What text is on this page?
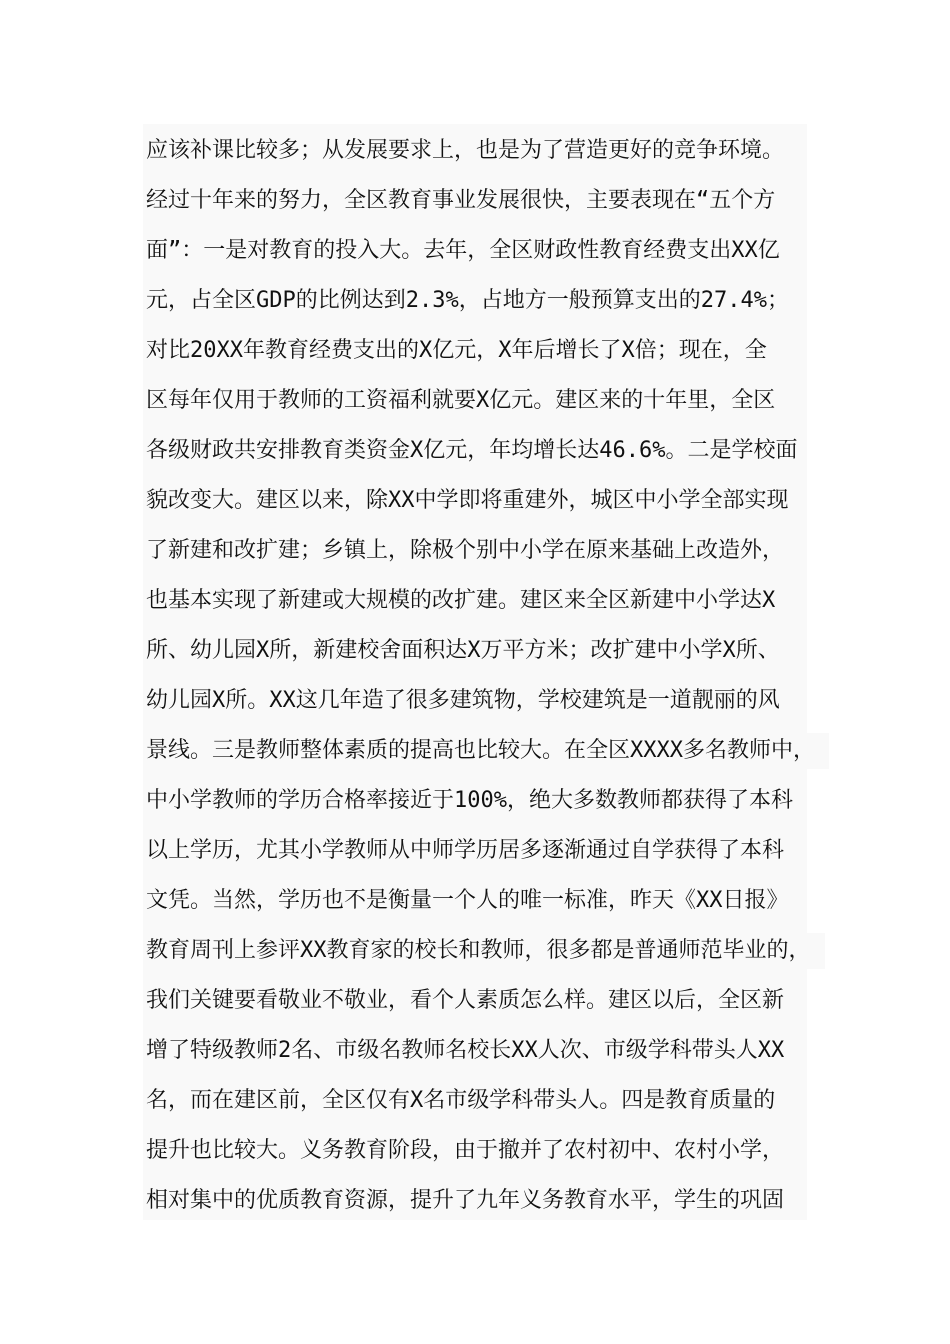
应该补课比较多；从发展要求上，也是为了营造更好的竞争环境。
经过十年来的努力，全区教育事业发展很快，主要表现在“五个方
面”：一是对教育的投入大。去年，全区财政性教育经费支出XX亿
元，占全区GDP的比例达到2.3%，占地方一般预算支出的27.4%；
对比20XX年教育经费支出的X亿元，X年后增长了X倍；现在，全
区每年仅用于教师的工资福利就要X亿元。建区来的十年里，全区
各级财政共安排教育类资金X亿元，年均增长达46.6%。二是学校面
貌改变大。建区以来，除XX中学即将重建外，城区中小学全部实现
了新建和改扩建；乡镇上，除极个别中小学在原来基础上改造外，
也基本实现了新建或大规模的改扩建。建区来全区新建中小学达X
所、幼儿园X所，新建校舍面积达X万平方米；改扩建中小学X所、
幼儿园X所。XX这几年造了很多建筑物，学校建筑是一道靓丽的风
景线。三是教师整体素质的提高也比较大。在全区XXXX多名教师中，
中小学教师的学历合格率接近于100%，绝大多数教师都获得了本科
以上学历，尤其小学教师从中师学历居多逐渐通过自学获得了本科
文凭。当然，学历也不是衡量一个人的唯一标准，昨天《XX日报》
教育周刊上参评XX教育家的校长和教师，很多都是普通师范毕业的，
我们关键要看敬业不敬业，看个人素质怎么样。建区以后，全区新
增了特级教师2名、市级名教师名校长XX人次、市级学科带头人XX
名，而在建区前，全区仅有X名市级学科带头人。四是教育质量的
提升也比较大。义务教育阶段，由于撤并了农村初中、农村小学，
相对集中的优质教育资源，提升了九年义务教育水平，学生的巩固
